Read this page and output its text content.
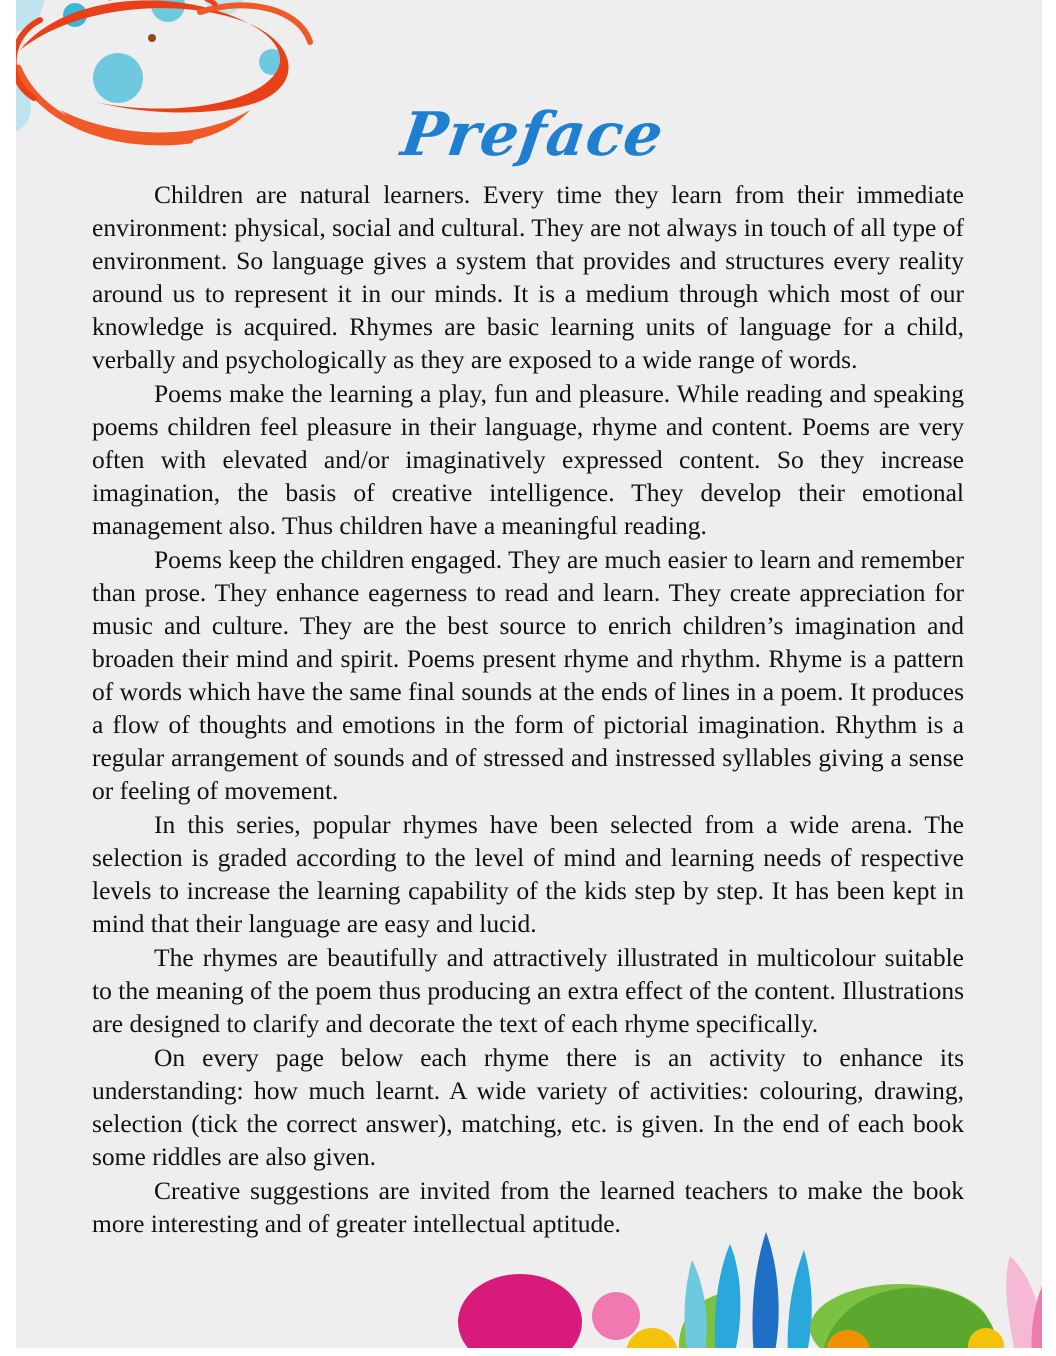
Preface

Children are natural learners. Every time they learn from their immediate environment: physical, social and cultural. They are not always in touch of all type of environment. So language gives a system that provides and structures every reality around us to represent it in our minds. It is a medium through which most of our knowledge is acquired. Rhymes are basic learning units of language for a child, verbally and psychologically as they are exposed to a wide range of words.

Poems make the learning a play, fun and pleasure. While reading and speaking poems children feel pleasure in their language, rhyme and content. Poems are very often with elevated and/or imaginatively expressed content. So they increase imagination, the basis of creative intelligence. They develop their emotional management also. Thus children have a meaningful reading.

Poems keep the children engaged. They are much easier to learn and remember than prose. They enhance eagerness to read and learn. They create appreciation for music and culture. They are the best source to enrich children’s imagination and broaden their mind and spirit. Poems present rhyme and rhythm. Rhyme is a pattern of words which have the same final sounds at the ends of lines in a poem. It produces a flow of thoughts and emotions in the form of pictorial imagination. Rhythm is a regular arrangement of sounds and of stressed and instressed syllables giving a sense or feeling of movement.

In this series, popular rhymes have been selected from a wide arena. The selection is graded according to the level of mind and learning needs of respective levels to increase the learning capability of the kids step by step. It has been kept in mind that their language are easy and lucid.

The rhymes are beautifully and attractively illustrated in multicolour suitable to the meaning of the poem thus producing an extra effect of the content. Illustrations are designed to clarify and decorate the text of each rhyme specifically.

On every page below each rhyme there is an activity to enhance its understanding: how much learnt. A wide variety of activities: colouring, drawing, selection (tick the correct answer), matching, etc. is given. In the end of each book some riddles are also given.

Creative suggestions are invited from the learned teachers to make the book more interesting and of greater intellectual aptitude.
